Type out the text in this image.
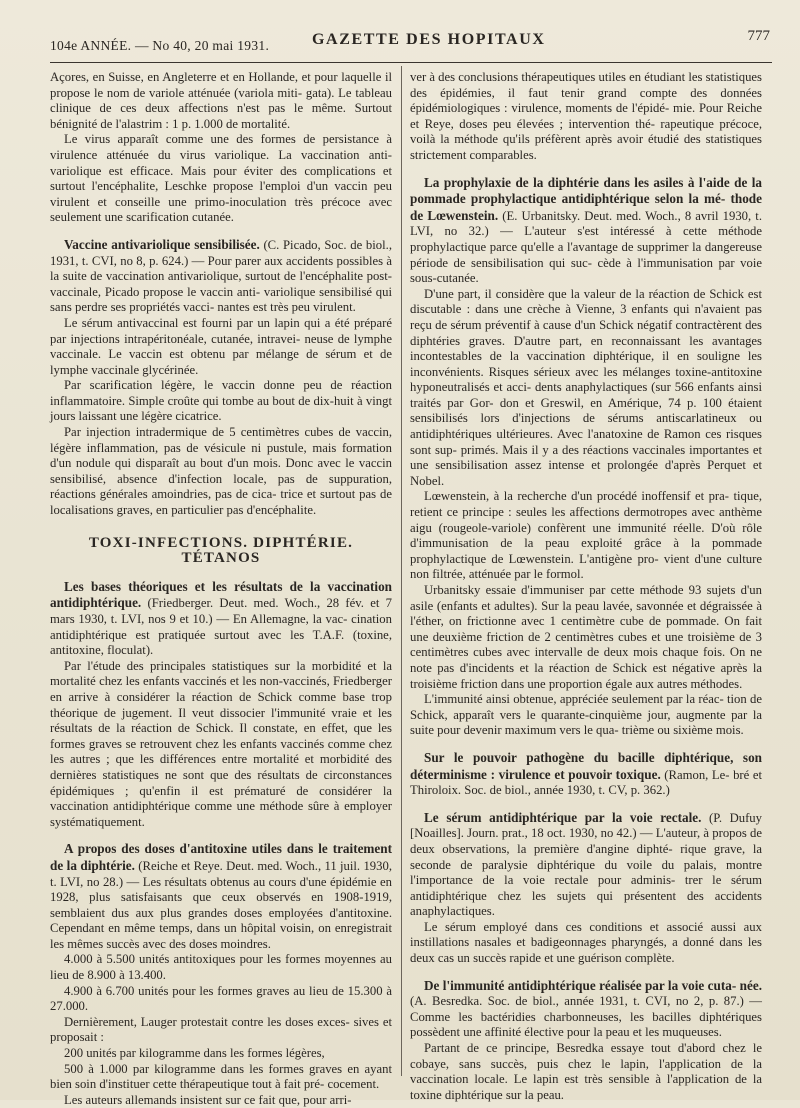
104e ANNÉE. — No 40, 20 mai 1931.	GAZETTE DES HOPITAUX	777

Açores, en Suisse, en Angleterre et en Hollande, et pour laquelle il propose le nom de variole atténuée (variola miti- gata). Le tableau clinique de ces deux affections n'est pas le même. Surtout bénignité de l'alastrim : 1 p. 1.000 de mortalité.

Le virus apparaît comme une des formes de persistance à virulence atténuée du virus variolique. La vaccination anti- variolique est efficace. Mais pour éviter des complications et surtout l'encéphalite, Leschke propose l'emploi d'un vaccin peu virulent et conseille une primo-inoculation très précoce avec seulement une scarification cutanée.

Vaccine antivariolique sensibilisée. (C. Picado, Soc. de biol., 1931, t. CVI, no 8, p. 624.) — Pour parer aux accidents possibles à la suite de vaccination antivariolique, surtout de l'encéphalite post-vaccinale, Picado propose le vaccin anti- variolique sensibilisé qui sans perdre ses propriétés vacci- nantes est très peu virulent.

Le sérum antivaccinal est fourni par un lapin qui a été préparé par injections intrapéritonéale, cutanée, intravei- neuse de lymphe vaccinale. Le vaccin est obtenu par mélange de sérum et de lymphe vaccinale glycérinée.

Par scarification légère, le vaccin donne peu de réaction inflammatoire. Simple croûte qui tombe au bout de dix-huit à vingt jours laissant une légère cicatrice.

Par injection intradermique de 5 centimètres cubes de vaccin, légère inflammation, pas de vésicule ni pustule, mais formation d'un nodule qui disparaît au bout d'un mois. Donc avec le vaccin sensibilisé, absence d'infection locale, pas de suppuration, réactions générales amoindries, pas de cica- trice et surtout pas de localisations graves, en particulier pas d'encéphalite.

TOXI-INFECTIONS. DIPHTÉRIE. TÉTANOS

Les bases théoriques et les résultats de la vaccination antidiphtérique. (Friedberger. Deut. med. Woch., 28 fév. et 7 mars 1930, t. LVI, nos 9 et 10.) — En Allemagne, la vac- cination antidiphtérique est pratiquée surtout avec les T.A.F. (toxine, antitoxine, floculat).

Par l'étude des principales statistiques sur la morbidité et la mortalité chez les enfants vaccinés et les non-vaccinés, Friedberger en arrive à considérer la réaction de Schick comme base trop théorique de jugement. Il veut dissocier l'immunité vraie et les résultats de la réaction de Schick. Il constate, en effet, que les formes graves se retrouvent chez les enfants vaccinés comme chez les autres ; que les différences entre mortalité et morbidité des dernières statistiques ne sont que des résultats de circonstances épidémiques ; qu'enfin il est prématuré de considérer la vaccination antidiphtérique comme une méthode sûre à employer systématiquement.

A propos des doses d'antitoxine utiles dans le traitement de la diphtérie. (Reiche et Reye. Deut. med. Woch., 11 juil. 1930, t. LVI, no 28.) — Les résultats obtenus au cours d'une épidémie en 1928, plus satisfaisants que ceux observés en 1908-1919, semblaient dus aux plus grandes doses employées d'antitoxine. Cependant en même temps, dans un hôpital voisin, on enregistrait les mêmes succès avec des doses moindres.

4.000 à 5.500 unités antitoxiques pour les formes moyennes au lieu de 8.900 à 13.400.

4.900 à 6.700 unités pour les formes graves au lieu de 15.300 à 27.000.

Dernièrement, Lauger protestait contre les doses exces- sives et proposait :

200 unités par kilogramme dans les formes légères,

500 à 1.000 par kilogramme dans les formes graves en ayant bien soin d'instituer cette thérapeutique tout à fait pré- cocement.

Les auteurs allemands insistent sur ce fait que, pour arri-

ver à des conclusions thérapeutiques utiles en étudiant les statistiques des épidémies, il faut tenir grand compte des données épidémiologiques : virulence, moments de l'épidé- mie. Pour Reiche et Reye, doses peu élevées ; intervention thé- rapeutique précoce, voilà la méthode qu'ils préfèrent après avoir étudié des statistiques strictement comparables.

La prophylaxie de la diphtérie dans les asiles à l'aide de la pommade prophylactique antidiphtérique selon la mé- thode de Lœwenstein. (E. Urbanitsky. Deut. med. Woch., 8 avril 1930, t. LVI, no 32.) — L'auteur s'est intéressé à cette méthode prophylactique parce qu'elle a l'avantage de supprimer la dangereuse période de sensibilisation qui suc- cède à l'immunisation par voie sous-cutanée.

D'une part, il considère que la valeur de la réaction de Schick est discutable : dans une crèche à Vienne, 3 enfants qui n'avaient pas reçu de sérum préventif à cause d'un Schick négatif contractèrent des diphtéries graves. D'autre part, en reconnaissant les avantages incontestables de la vaccination diphtérique, il en souligne les inconvénients. Risques sérieux avec les mélanges toxine-antitoxine hyponeutralisés et acci- dents anaphylactiques (sur 566 enfants ainsi traités par Gor- don et Greswil, en Amérique, 74 p. 100 étaient sensibilisés lors d'injections de sérums antiscarlatineux ou antidiphtériques ultérieures. Avec l'anatoxine de Ramon ces risques sont sup- primés. Mais il y a des réactions vaccinales importantes et une sensibilisation assez intense et prolongée d'après Perquet et Nobel.

Lœwenstein, à la recherche d'un procédé inoffensif et pra- tique, retient ce principe : seules les affections dermotropes avec anthème aigu (rougeole-variole) confèrent une immunité réelle. D'où rôle d'immunisation de la peau exploité grâce à la pommade prophylactique de Lœwenstein. L'antigène pro- vient d'une culture non filtrée, atténuée par le formol.

Urbanitsky essaie d'immuniser par cette méthode 93 sujets d'un asile (enfants et adultes). Sur la peau lavée, savonnée et dégraissée à l'éther, on frictionne avec 1 centimètre cube de pommade. On fait une deuxième friction de 2 centimètres cubes et une troisième de 3 centimètres cubes avec intervalle de deux mois chaque fois. On ne note pas d'incidents et la réaction de Schick est négative après la troisième friction dans une proportion égale aux autres méthodes.

L'immunité ainsi obtenue, appréciée seulement par la réac- tion de Schick, apparaît vers le quarante-cinquième jour, augmente par la suite pour devenir maximum vers le qua- trième ou sixième mois.

Sur le pouvoir pathogène du bacille diphtérique, son déterminisme : virulence et pouvoir toxique. (Ramon, Le- bré et Thiroloix. Soc. de biol., année 1930, t. CV, p. 362.)

Le sérum antidiphtérique par la voie rectale. (P. Dufuy [Noailles]. Journ. prat., 18 oct. 1930, no 42.) — L'auteur, à propos de deux observations, la première d'angine diphté- rique grave, la seconde de paralysie diphtérique du voile du palais, montre l'importance de la voie rectale pour adminis- trer le sérum antidiphtérique chez les sujets qui présentent des accidents anaphylactiques.

Le sérum employé dans ces conditions et associé aussi aux instillations nasales et badigeonnages pharyngés, a donné dans les deux cas un succès rapide et une guérison complète.

De l'immunité antidiphtérique réalisée par la voie cuta- née. (A. Besredka. Soc. de biol., année 1931, t. CVI, no 2, p. 87.) — Comme les bactéridies charbonneuses, les bacilles diphtériques possèdent une affinité élective pour la peau et les muqueuses.

Partant de ce principe, Besredka essaye tout d'abord chez le cobaye, sans succès, puis chez le lapin, l'application de la vaccination locale. Le lapin est très sensible à l'application de la toxine diphtérique sur la peau.
